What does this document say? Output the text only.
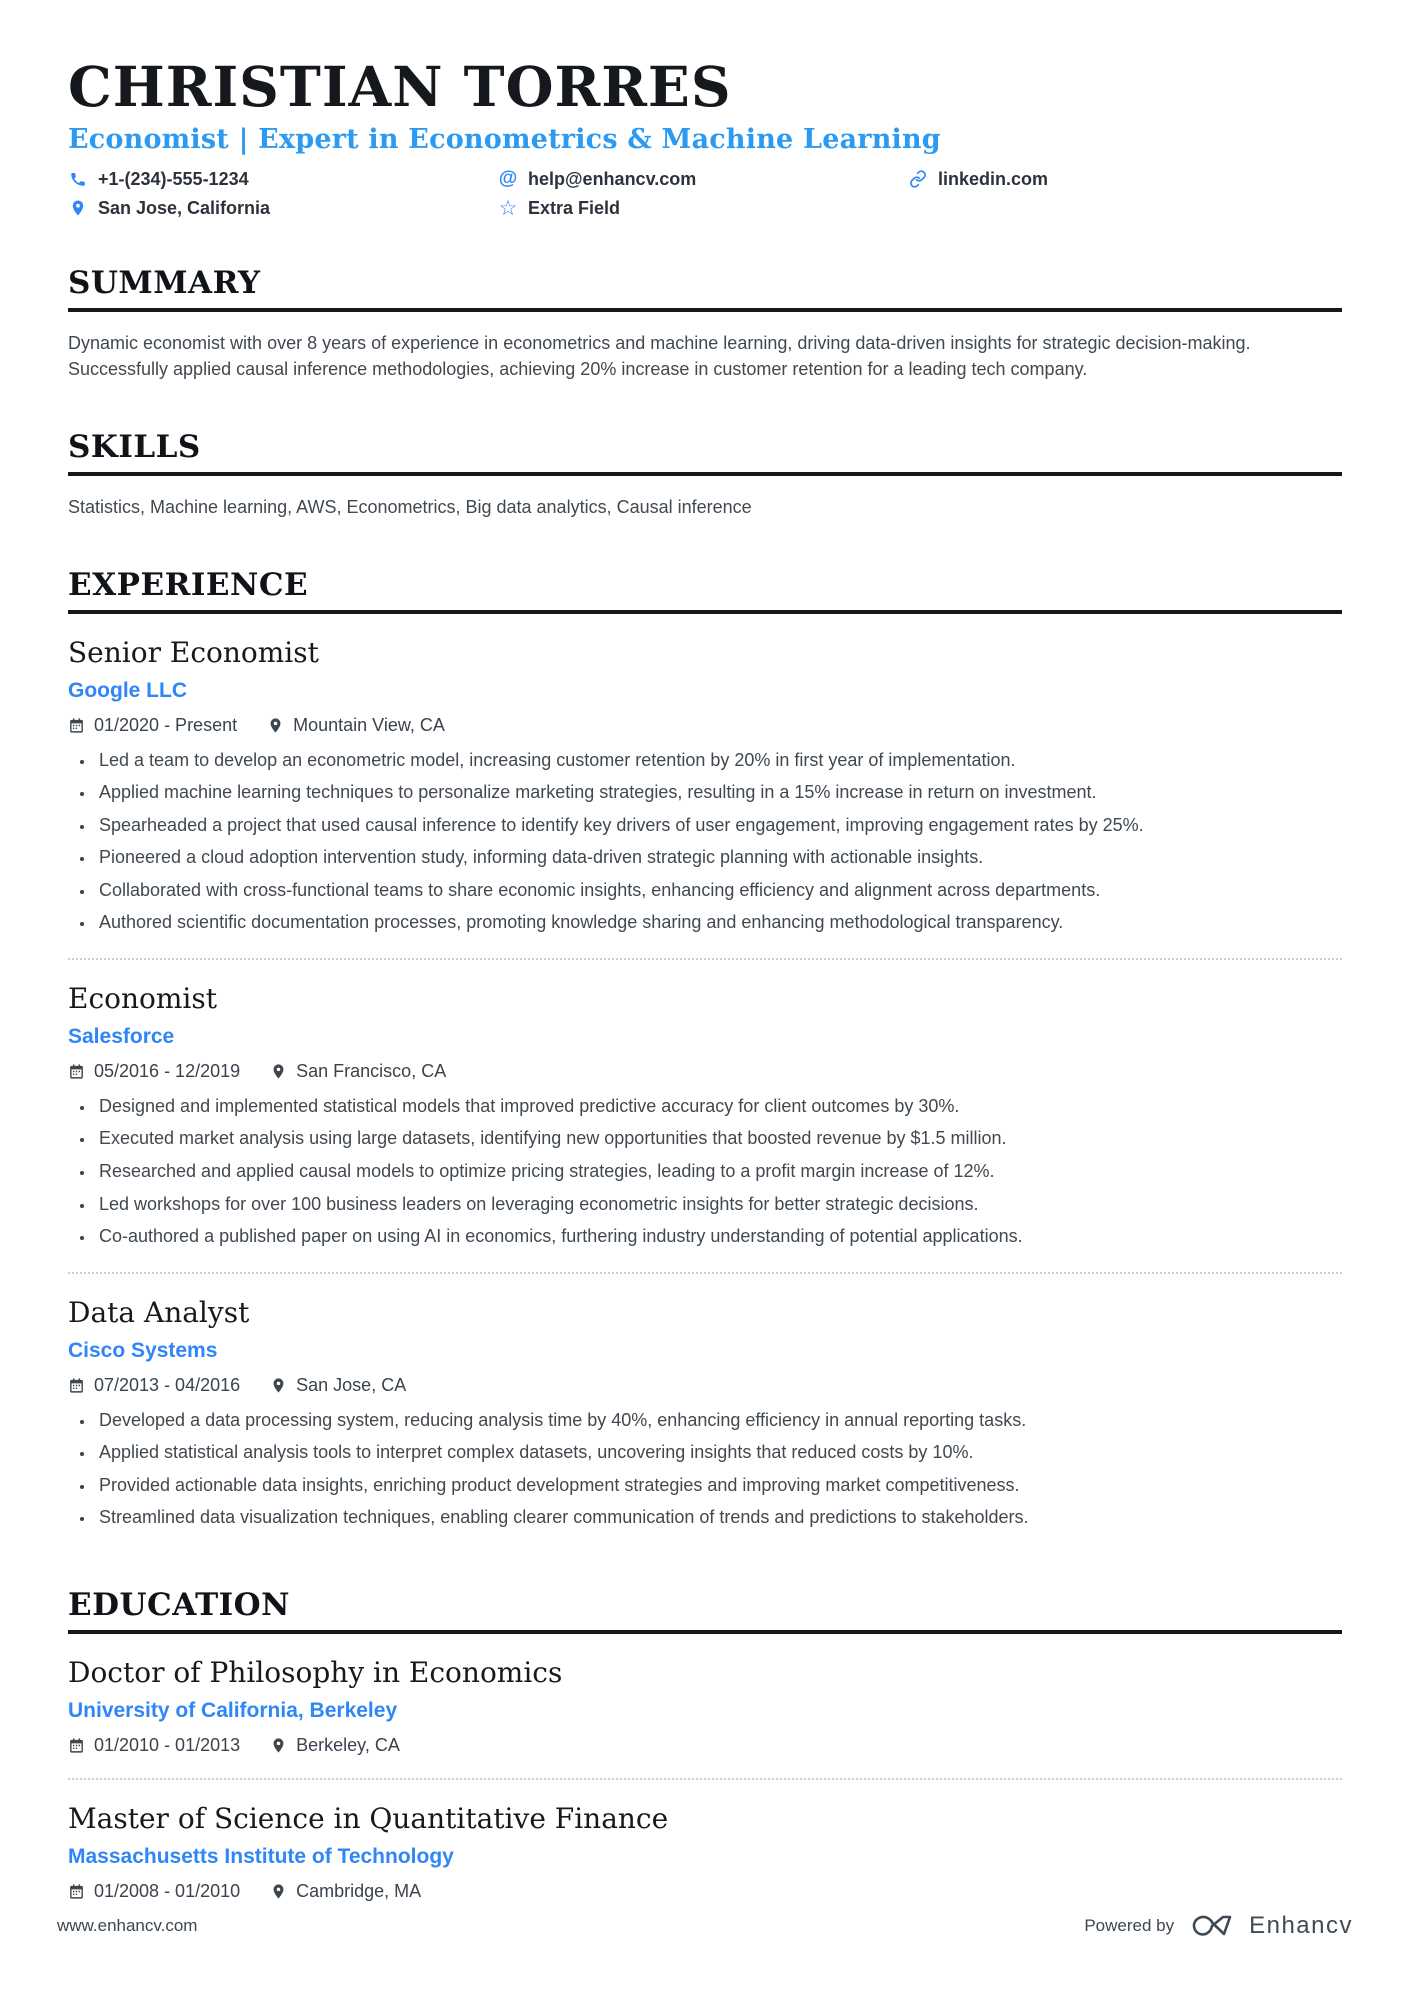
CHRISTIAN TORRES
Economist | Expert in Econometrics & Machine Learning
+1-(234)-555-1234	@ help@enhancv.com	linkedin.com
San Jose, California	☆ Extra Field
SUMMARY
Dynamic economist with over 8 years of experience in econometrics and machine learning, driving data-driven insights for strategic decision-making. Successfully applied causal inference methodologies, achieving 20% increase in customer retention for a leading tech company.
SKILLS
Statistics, Machine learning, AWS, Econometrics, Big data analytics, Causal inference
EXPERIENCE
Senior Economist
Google LLC
01/2020 - Present	Mountain View, CA
• Led a team to develop an econometric model, increasing customer retention by 20% in first year of implementation.
• Applied machine learning techniques to personalize marketing strategies, resulting in a 15% increase in return on investment.
• Spearheaded a project that used causal inference to identify key drivers of user engagement, improving engagement rates by 25%.
• Pioneered a cloud adoption intervention study, informing data-driven strategic planning with actionable insights.
• Collaborated with cross-functional teams to share economic insights, enhancing efficiency and alignment across departments.
• Authored scientific documentation processes, promoting knowledge sharing and enhancing methodological transparency.
Economist
Salesforce
05/2016 - 12/2019	San Francisco, CA
• Designed and implemented statistical models that improved predictive accuracy for client outcomes by 30%.
• Executed market analysis using large datasets, identifying new opportunities that boosted revenue by $1.5 million.
• Researched and applied causal models to optimize pricing strategies, leading to a profit margin increase of 12%.
• Led workshops for over 100 business leaders on leveraging econometric insights for better strategic decisions.
• Co-authored a published paper on using AI in economics, furthering industry understanding of potential applications.
Data Analyst
Cisco Systems
07/2013 - 04/2016	San Jose, CA
• Developed a data processing system, reducing analysis time by 40%, enhancing efficiency in annual reporting tasks.
• Applied statistical analysis tools to interpret complex datasets, uncovering insights that reduced costs by 10%.
• Provided actionable data insights, enriching product development strategies and improving market competitiveness.
• Streamlined data visualization techniques, enabling clearer communication of trends and predictions to stakeholders.
EDUCATION
Doctor of Philosophy in Economics
University of California, Berkeley
01/2010 - 01/2013	Berkeley, CA
Master of Science in Quantitative Finance
Massachusetts Institute of Technology
01/2008 - 01/2010	Cambridge, MA
www.enhancv.com	Powered by	Enhancv
